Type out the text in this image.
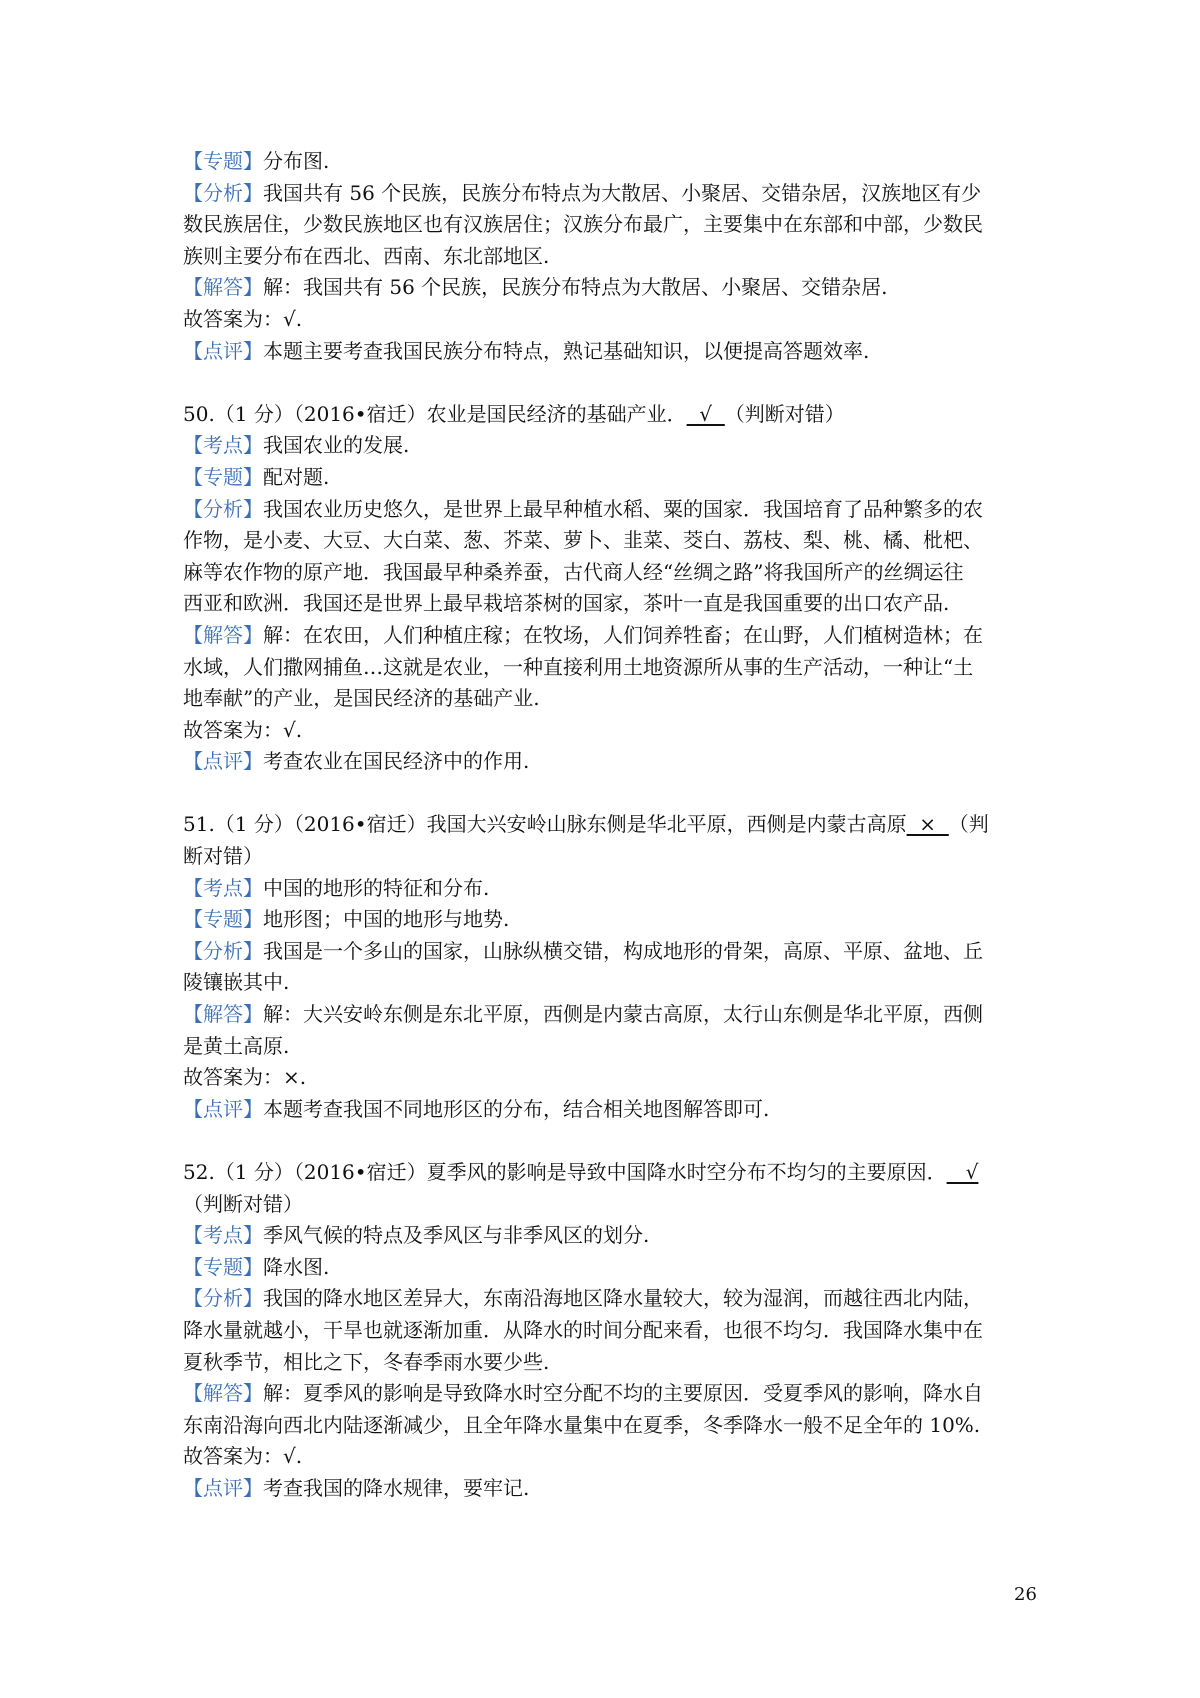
【专题】分布图.
【分析】我国共有 56 个民族，民族分布特点为大散居、小聚居、交错杂居，汉族地区有少
数民族居住，少数民族地区也有汉族居住；汉族分布最广，主要集中在东部和中部，少数民
族则主要分布在西北、西南、东北部地区.
【解答】解：我国共有 56 个民族，民族分布特点为大散居、小聚居、交错杂居.
故答案为：√.
【点评】本题主要考查我国民族分布特点，熟记基础知识，以便提高答题效率.
50.（1 分）（2016•宿迁）农业是国民经济的基础产业．  √  （判断对错）
【考点】我国农业的发展.
【专题】配对题.
【分析】我国农业历史悠久，是世界上最早种植水稻、粟的国家．我国培育了品种繁多的农
作物，是小麦、大豆、大白菜、葱、芥菜、萝卜、韭菜、茭白、荔枝、梨、桃、橘、枇杷、
麻等农作物的原产地．我国最早种桑养蚕，古代商人经“丝绸之路”将我国所产的丝绸运往
西亚和欧洲．我国还是世界上最早栽培茶树的国家，茶叶一直是我国重要的出口农产品.
【解答】解：在农田，人们种植庄稼；在牧场，人们饲养牲畜；在山野，人们植树造林；在
水域，人们撒网捕鱼…这就是农业，一种直接利用土地资源所从事的生产活动，一种让“土
地奉献”的产业，是国民经济的基础产业.
故答案为：√.
【点评】考查农业在国民经济中的作用.
51.（1 分）（2016•宿迁）我国大兴安岭山脉东侧是华北平原，西侧是内蒙古高原  ×  （判
断对错）
【考点】中国的地形的特征和分布.
【专题】地形图；中国的地形与地势.
【分析】我国是一个多山的国家，山脉纵横交错，构成地形的骨架，高原、平原、盆地、丘
陵镶嵌其中.
【解答】解：大兴安岭东侧是东北平原，西侧是内蒙古高原，太行山东侧是华北平原，西侧
是黄土高原.
故答案为：×.
【点评】本题考查我国不同地形区的分布，结合相关地图解答即可.
52.（1 分）（2016•宿迁）夏季风的影响是导致中国降水时空分布不均匀的主要原因．   √
（判断对错）
【考点】季风气候的特点及季风区与非季风区的划分.
【专题】降水图.
【分析】我国的降水地区差异大，东南沿海地区降水量较大，较为湿润，而越往西北内陆，
降水量就越小，干旱也就逐渐加重．从降水的时间分配来看，也很不均匀．我国降水集中在
夏秋季节，相比之下，冬春季雨水要少些.
【解答】解：夏季风的影响是导致降水时空分配不均的主要原因．受夏季风的影响，降水自
东南沿海向西北内陆逐渐减少，且全年降水量集中在夏季，冬季降水一般不足全年的 10%.
故答案为：√.
【点评】考查我国的降水规律，要牢记.
26
